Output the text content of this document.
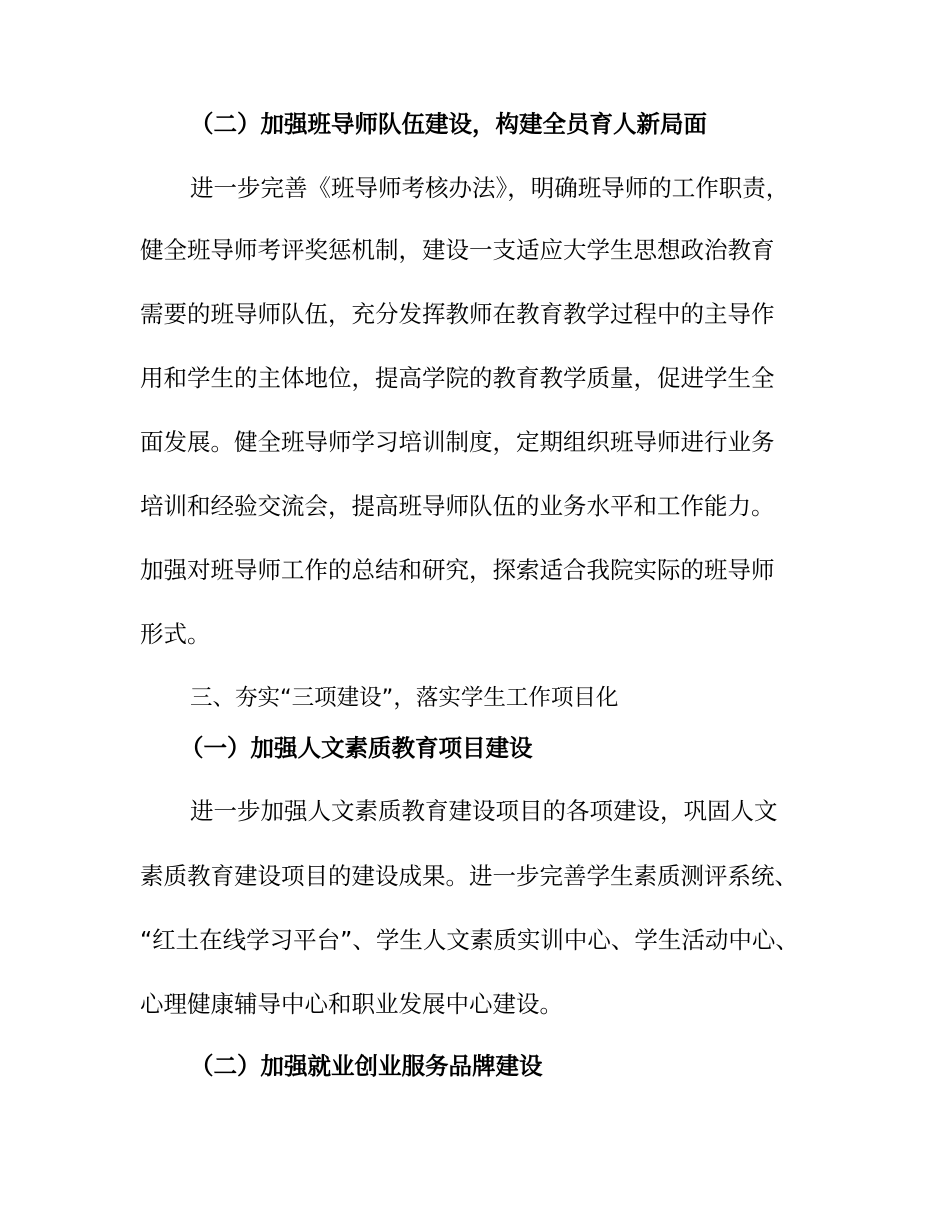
（二）加强班导师队伍建设，构建全员育人新局面
进一步完善《班导师考核办法》，明确班导师的工作职责，
健全班导师考评奖惩机制，建设一支适应大学生思想政治教育
需要的班导师队伍，充分发挥教师在教育教学过程中的主导作
用和学生的主体地位，提高学院的教育教学质量，促进学生全
面发展。健全班导师学习培训制度，定期组织班导师进行业务
培训和经验交流会，提高班导师队伍的业务水平和工作能力。
加强对班导师工作的总结和研究，探索适合我院实际的班导师
形式。
三、夯实“三项建设”，落实学生工作项目化
（一）加强人文素质教育项目建设
进一步加强人文素质教育建设项目的各项建设，巩固人文
素质教育建设项目的建设成果。进一步完善学生素质测评系统、
“红土在线学习平台”、学生人文素质实训中心、学生活动中心、
心理健康辅导中心和职业发展中心建设。
（二）加强就业创业服务品牌建设
